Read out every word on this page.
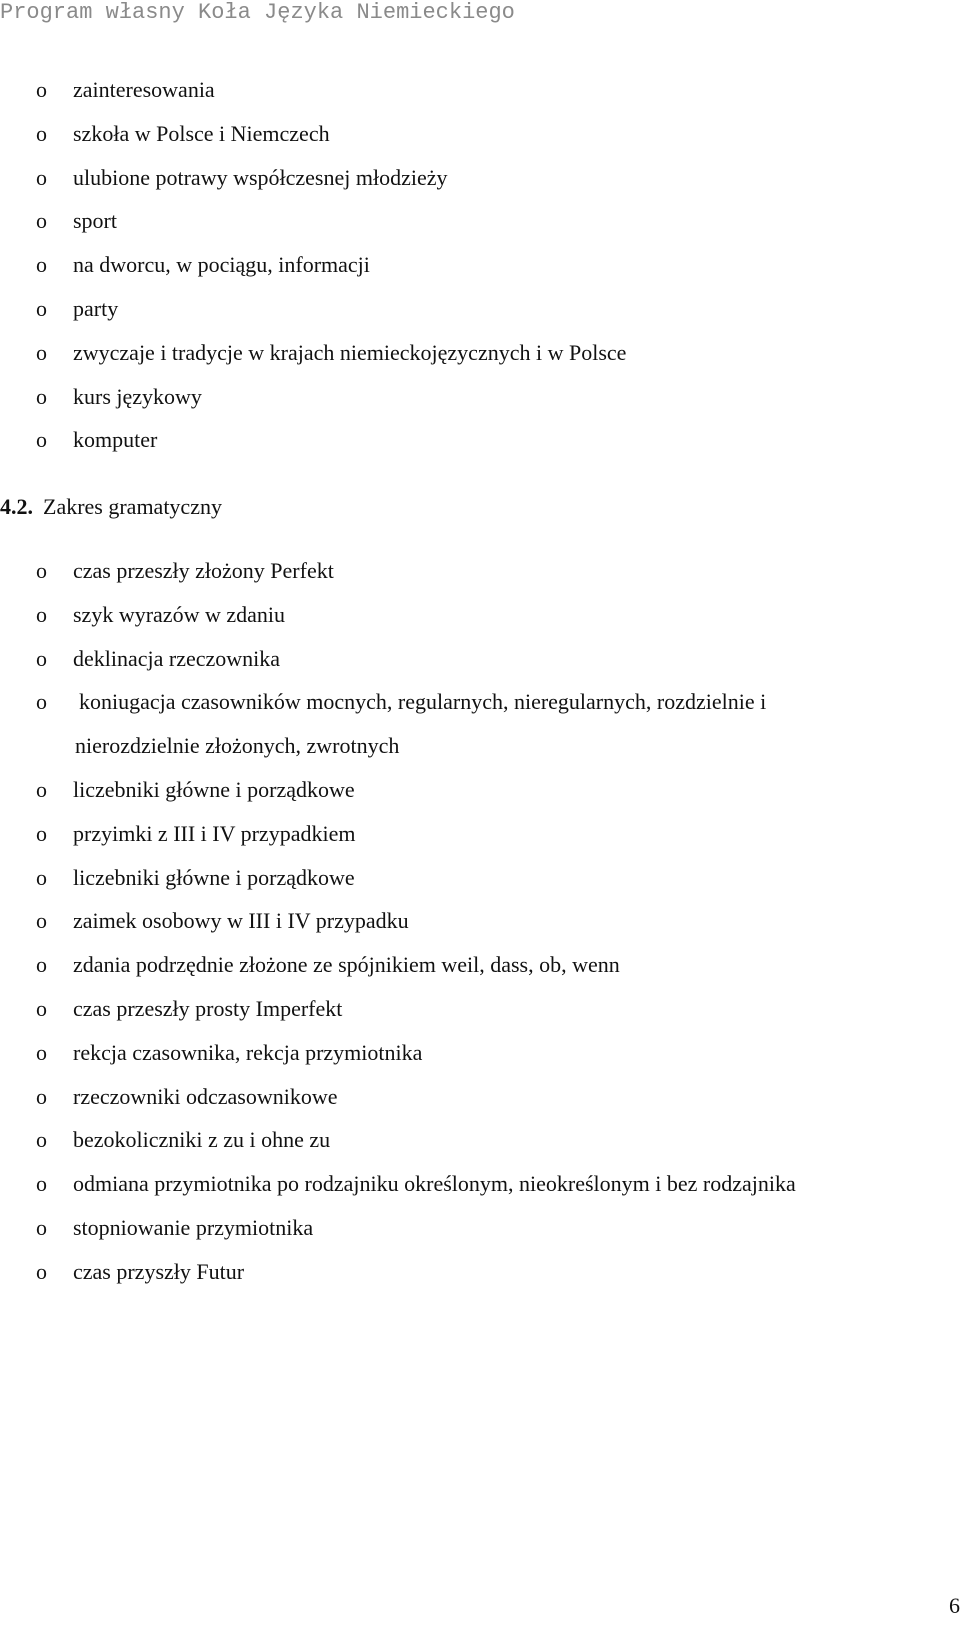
Program własny Koła Języka Niemieckiego
o	zainteresowania
o	szkoła w Polsce i Niemczech
o	ulubione potrawy współczesnej młodzieży
o	sport
o	na dworcu, w pociągu, informacji
o	party
o	zwyczaje i tradycje w krajach niemieckojęzycznych i w Polsce
o	kurs językowy
o	komputer
4.2. Zakres gramatyczny
o	czas przeszły złożony Perfekt
o	szyk wyrazów w zdaniu
o	deklinacja rzeczownika
o	koniugacja czasowników mocnych, regularnych, nieregularnych, rozdzielnie i
nierozdzielnie złożonych, zwrotnych
o	liczebniki główne i porządkowe
o	przyimki z III i IV przypadkiem
o	liczebniki główne i porządkowe
o	zaimek osobowy w III i IV przypadku
o	zdania podrzędnie złożone ze spójnikiem weil, dass, ob, wenn
o	czas przeszły prosty Imperfekt
o	rekcja czasownika, rekcja przymiotnika
o	rzeczowniki odczasownikowe
o	bezokoliczniki z zu i ohne zu
o	odmiana przymiotnika po rodzajniku określonym, nieokreślonym i bez rodzajnika
o	stopniowanie przymiotnika
o	czas przyszły Futur
6
